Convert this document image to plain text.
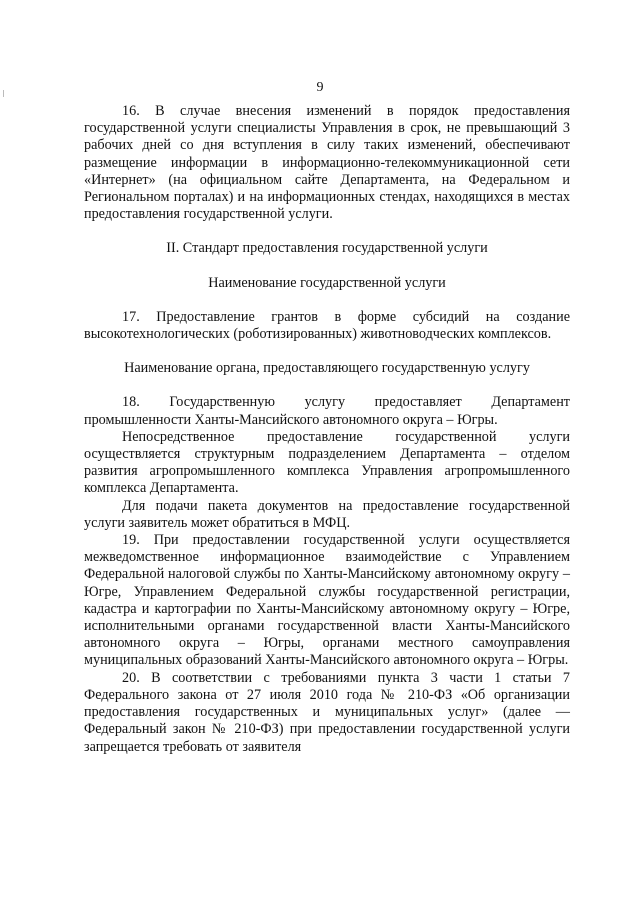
9

16. В случае внесения изменений в порядок предоставления государственной услуги специалисты Управления в срок, не превышающий 3 рабочих дней со дня вступления в силу таких изменений, обеспечивают размещение информации в информационно-телекоммуникационной сети «Интернет» (на официальном сайте Департамента, на Федеральном и Региональном порталах) и на информационных стендах, находящихся в местах предоставления государственной услуги.

II. Стандарт предоставления государственной услуги

Наименование государственной услуги

17. Предоставление грантов в форме субсидий на создание высокотехнологических (роботизированных) животноводческих комплексов.

Наименование органа, предоставляющего государственную услугу

18. Государственную услугу предоставляет Департамент промышленности Ханты-Мансийского автономного округа – Югры.

Непосредственное предоставление государственной услуги осуществляется структурным подразделением Департамента – отделом развития агропромышленного комплекса Управления агропромышленного комплекса Департамента.

Для подачи пакета документов на предоставление государственной услуги заявитель может обратиться в МФЦ.

19. При предоставлении государственной услуги осуществляется межведомственное информационное взаимодействие с Управлением Федеральной налоговой службы по Ханты-Мансийскому автономному округу – Югре, Управлением Федеральной службы государственной регистрации, кадастра и картографии по Ханты-Мансийскому автономному округу – Югре, исполнительными органами государственной власти Ханты-Мансийского автономного округа – Югры, органами местного самоуправления муниципальных образований Ханты-Мансийского автономного округа – Югры.

20. В соответствии с требованиями пункта 3 части 1 статьи 7 Федерального закона от 27 июля 2010 года № 210-ФЗ «Об организации предоставления государственных и муниципальных услуг» (далее — Федеральный закон № 210-ФЗ) при предоставлении государственной услуги запрещается требовать от заявителя
